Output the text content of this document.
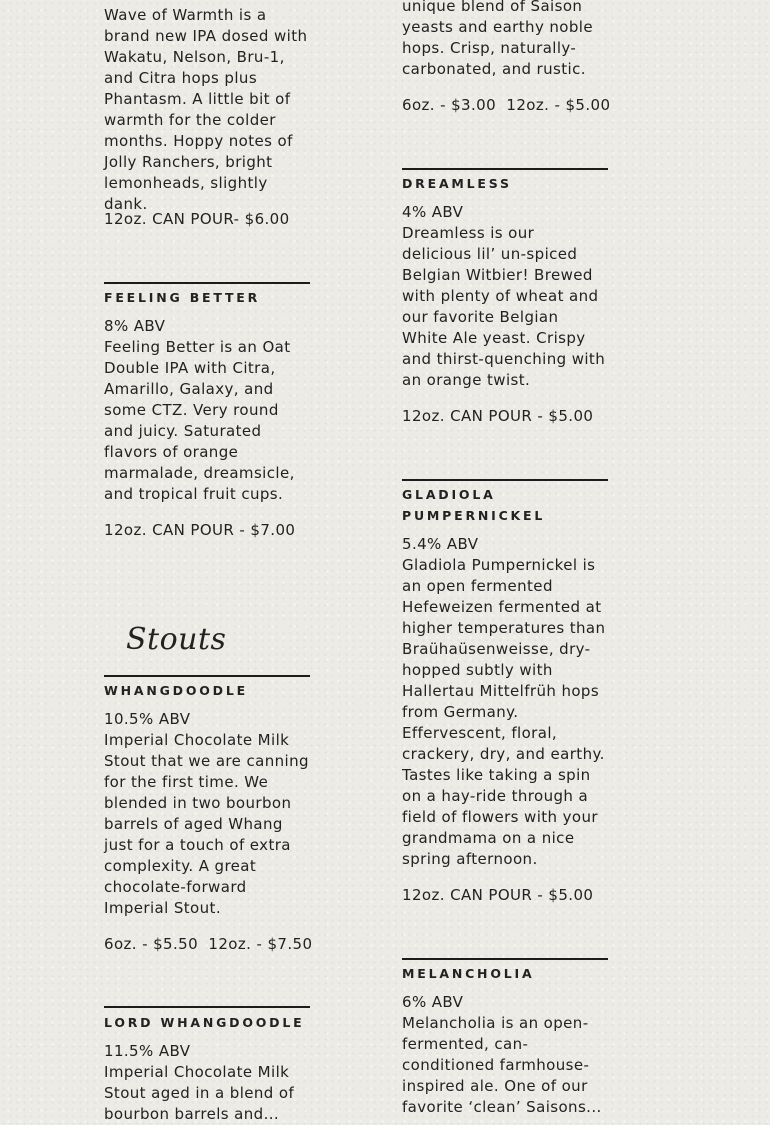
Wave of Warmth is a brand new IPA dosed with Wakatu, Nelson, Bru-1, and Citra hops plus Phantasm. A little bit of warmth for the colder months. Hoppy notes of Jolly Ranchers, bright lemonheads, slightly dank.

12oz. CAN POUR- $6.00

FEELING BETTER

8% ABV

Feeling Better is an Oat Double IPA with Citra, Amarillo, Galaxy, and some CTZ. Very round and juicy. Saturated flavors of orange marmalade, dreamsicle, and tropical fruit cups.

12oz. CAN POUR - $7.00

Stouts

WHANGDOODLE

10.5% ABV

Imperial Chocolate Milk Stout that we are canning for the first time. We blended in two bourbon barrels of aged Whang just for a touch of extra complexity. A great chocolate-forward Imperial Stout.

6oz. - $5.50  12oz. - $7.50

LORD WHANGDOODLE

11.5% ABV

Imperial Chocolate Milk Stout aged in a blend of bourbon barrels and...

unique blend of Saison yeasts and earthy noble hops. Crisp, naturally-carbonated, and rustic.

6oz. - $3.00  12oz. - $5.00

DREAMLESS

4% ABV

Dreamless is our delicious lil’ un-spiced Belgian Witbier! Brewed with plenty of wheat and our favorite Belgian White Ale yeast. Crispy and thirst-quenching with an orange twist.

12oz. CAN POUR - $5.00

GLADIOLA PUMPERNICKEL

5.4% ABV

Gladiola Pumpernickel is an open fermented Hefeweizen fermented at higher temperatures than Braühaüsenweisse, dry-hopped subtly with Hallertau Mittelfrüh hops from Germany. Effervescent, floral, crackery, dry, and earthy. Tastes like taking a spin on a hay-ride through a field of flowers with your grandmama on a nice spring afternoon.

12oz. CAN POUR - $5.00

MELANCHOLIA

6% ABV

Melancholia is an open-fermented, can-conditioned farmhouse-inspired ale. One of our favorite ‘clean’ Saisons...
